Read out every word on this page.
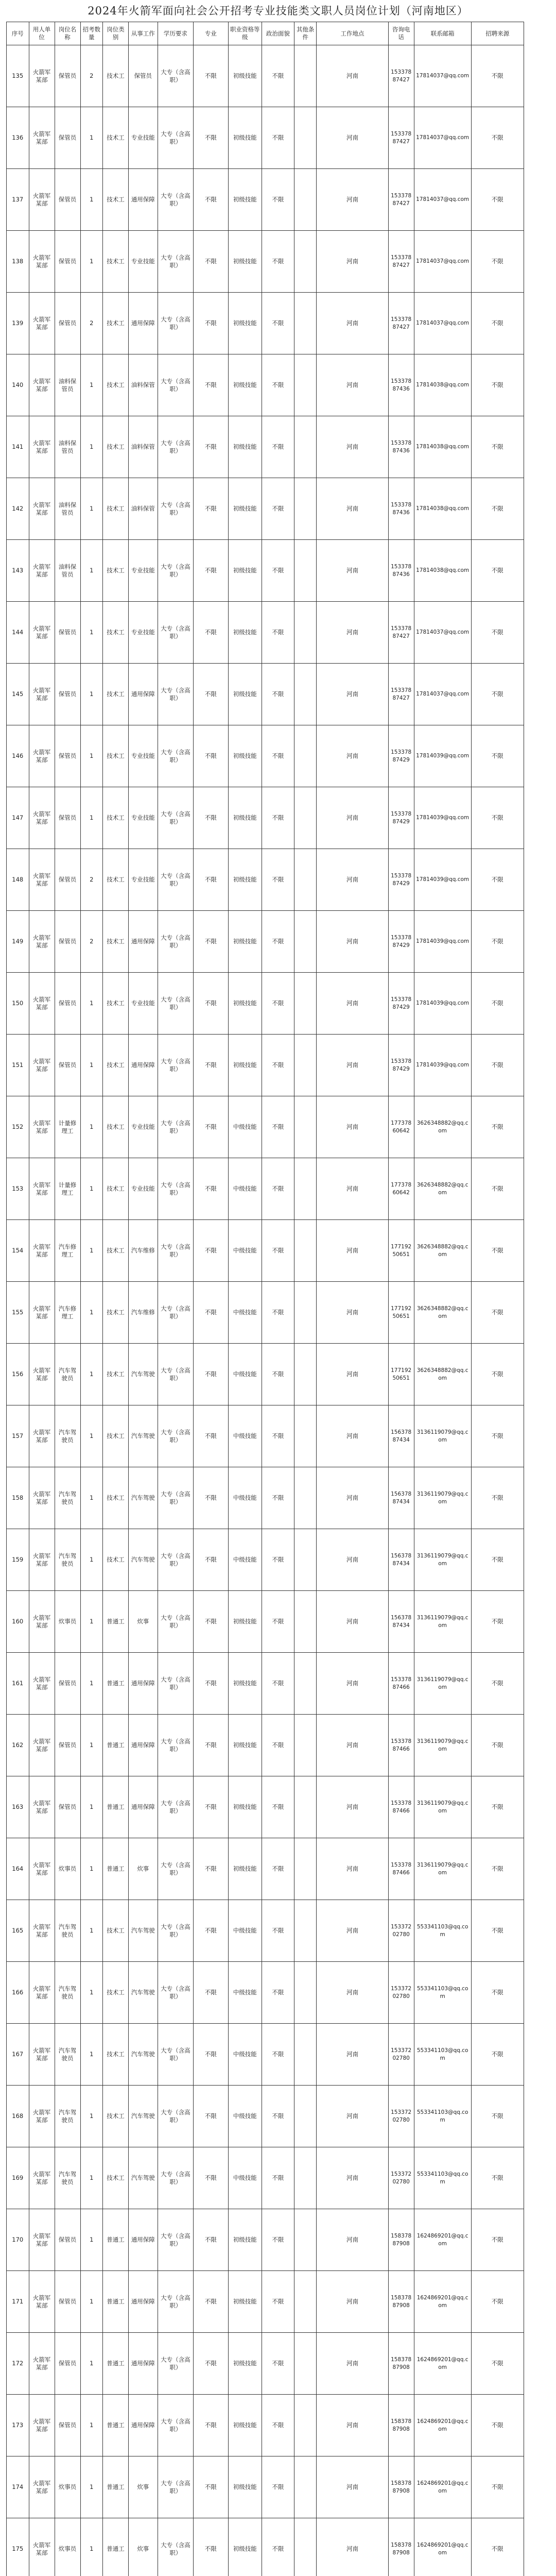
2024年火箭军面向社会公开招考专业技能类文职人员岗位计划（河南地区）
序号	用人单位	岗位名称	招考数量	岗位类别	从事工作	学历要求	专业	职业资格等级	政治面貌	其他条件	工作地点	咨询电话	联系邮箱	招聘来源
135	火箭军某部	保管员	2	技术工	保管员	大专（含高职）	不限	初级技能	不限		河南	15337887427	17814037@qq.com	不限
136	火箭军某部	保管员	1	技术工	专业技能	大专（含高职）	不限	初级技能	不限		河南	15337887427	17814037@qq.com	不限
137	火箭军某部	保管员	1	技术工	通用保障	大专（含高职）	不限	初级技能	不限		河南	15337887427	17814037@qq.com	不限
138	火箭军某部	保管员	1	技术工	专业技能	大专（含高职）	不限	初级技能	不限		河南	15337887427	17814037@qq.com	不限
139	火箭军某部	保管员	2	技术工	通用保障	大专（含高职）	不限	初级技能	不限		河南	15337887427	17814037@qq.com	不限
140	火箭军某部	油料保管员	1	技术工	油料保管	大专（含高职）	不限	初级技能	不限		河南	15337887436	17814038@qq.com	不限
141	火箭军某部	油料保管员	1	技术工	油料保管	大专（含高职）	不限	初级技能	不限		河南	15337887436	17814038@qq.com	不限
142	火箭军某部	油料保管员	1	技术工	油料保管	大专（含高职）	不限	初级技能	不限		河南	15337887436	17814038@qq.com	不限
143	火箭军某部	油料保管员	1	技术工	专业技能	大专（含高职）	不限	初级技能	不限		河南	15337887436	17814038@qq.com	不限
144	火箭军某部	保管员	1	技术工	专业技能	大专（含高职）	不限	初级技能	不限		河南	15337887427	17814037@qq.com	不限
145	火箭军某部	保管员	1	技术工	通用保障	大专（含高职）	不限	初级技能	不限		河南	15337887427	17814037@qq.com	不限
146	火箭军某部	保管员	1	技术工	专业技能	大专（含高职）	不限	初级技能	不限		河南	15337887429	17814039@qq.com	不限
147	火箭军某部	保管员	1	技术工	专业技能	大专（含高职）	不限	初级技能	不限		河南	15337887429	17814039@qq.com	不限
148	火箭军某部	保管员	2	技术工	专业技能	大专（含高职）	不限	初级技能	不限		河南	15337887429	17814039@qq.com	不限
149	火箭军某部	保管员	2	技术工	通用保障	大专（含高职）	不限	初级技能	不限		河南	15337887429	17814039@qq.com	不限
150	火箭军某部	保管员	1	技术工	专业技能	大专（含高职）	不限	初级技能	不限		河南	15337887429	17814039@qq.com	不限
151	火箭军某部	保管员	1	技术工	通用保障	大专（含高职）	不限	初级技能	不限		河南	15337887429	17814039@qq.com	不限
152	火箭军某部	计量修理工	1	技术工	专业技能	大专（含高职）	不限	中级技能	不限		河南	17737860642	3626348882@qq.com	不限
153	火箭军某部	计量修理工	1	技术工	专业技能	大专（含高职）	不限	中级技能	不限		河南	17737860642	3626348882@qq.com	不限
154	火箭军某部	汽车修理工	1	技术工	汽车维修	大专（含高职）	不限	中级技能	不限		河南	17719250651	3626348882@qq.com	不限
155	火箭军某部	汽车修理工	1	技术工	汽车维修	大专（含高职）	不限	中级技能	不限		河南	17719250651	3626348882@qq.com	不限
156	火箭军某部	汽车驾驶员	1	技术工	汽车驾驶	大专（含高职）	不限	中级技能	不限		河南	17719250651	3626348882@qq.com	不限
157	火箭军某部	汽车驾驶员	1	技术工	汽车驾驶	大专（含高职）	不限	中级技能	不限		河南	15637887434	3136119079@qq.com	不限
158	火箭军某部	汽车驾驶员	1	技术工	汽车驾驶	大专（含高职）	不限	中级技能	不限		河南	15637887434	3136119079@qq.com	不限
159	火箭军某部	汽车驾驶员	1	技术工	汽车驾驶	大专（含高职）	不限	中级技能	不限		河南	15637887434	3136119079@qq.com	不限
160	火箭军某部	炊事员	1	普通工	炊事	大专（含高职）	不限	初级技能	不限		河南	15637887434	3136119079@qq.com	不限
161	火箭军某部	保管员	1	普通工	通用保障	大专（含高职）	不限	初级技能	不限		河南	15337887466	3136119079@qq.com	不限
162	火箭军某部	保管员	1	普通工	通用保障	大专（含高职）	不限	初级技能	不限		河南	15337887466	3136119079@qq.com	不限
163	火箭军某部	保管员	1	普通工	通用保障	大专（含高职）	不限	初级技能	不限		河南	15337887466	3136119079@qq.com	不限
164	火箭军某部	炊事员	1	普通工	炊事	大专（含高职）	不限	初级技能	不限		河南	15337887466	3136119079@qq.com	不限
165	火箭军某部	汽车驾驶员	1	技术工	汽车驾驶	大专（含高职）	不限	中级技能	不限		河南	15337202780	553341103@qq.com	不限
166	火箭军某部	汽车驾驶员	1	技术工	汽车驾驶	大专（含高职）	不限	中级技能	不限		河南	15337202780	553341103@qq.com	不限
167	火箭军某部	汽车驾驶员	1	技术工	汽车驾驶	大专（含高职）	不限	中级技能	不限		河南	15337202780	553341103@qq.com	不限
168	火箭军某部	汽车驾驶员	1	技术工	汽车驾驶	大专（含高职）	不限	中级技能	不限		河南	15337202780	553341103@qq.com	不限
169	火箭军某部	汽车驾驶员	1	技术工	汽车驾驶	大专（含高职）	不限	中级技能	不限		河南	15337202780	553341103@qq.com	不限
170	火箭军某部	保管员	1	普通工	通用保障	大专（含高职）	不限	初级技能	不限		河南	15837887908	1624869201@qq.com	不限
171	火箭军某部	保管员	1	普通工	通用保障	大专（含高职）	不限	初级技能	不限		河南	15837887908	1624869201@qq.com	不限
172	火箭军某部	保管员	1	普通工	通用保障	大专（含高职）	不限	初级技能	不限		河南	15837887908	1624869201@qq.com	不限
173	火箭军某部	保管员	1	普通工	通用保障	大专（含高职）	不限	初级技能	不限		河南	15837887908	1624869201@qq.com	不限
174	火箭军某部	炊事员	1	普通工	炊事	大专（含高职）	不限	初级技能	不限		河南	15837887908	1624869201@qq.com	不限
175	火箭军某部	炊事员	1	普通工	炊事	大专（含高职）	不限	初级技能	不限		河南	15837887908	1624869201@qq.com	不限
